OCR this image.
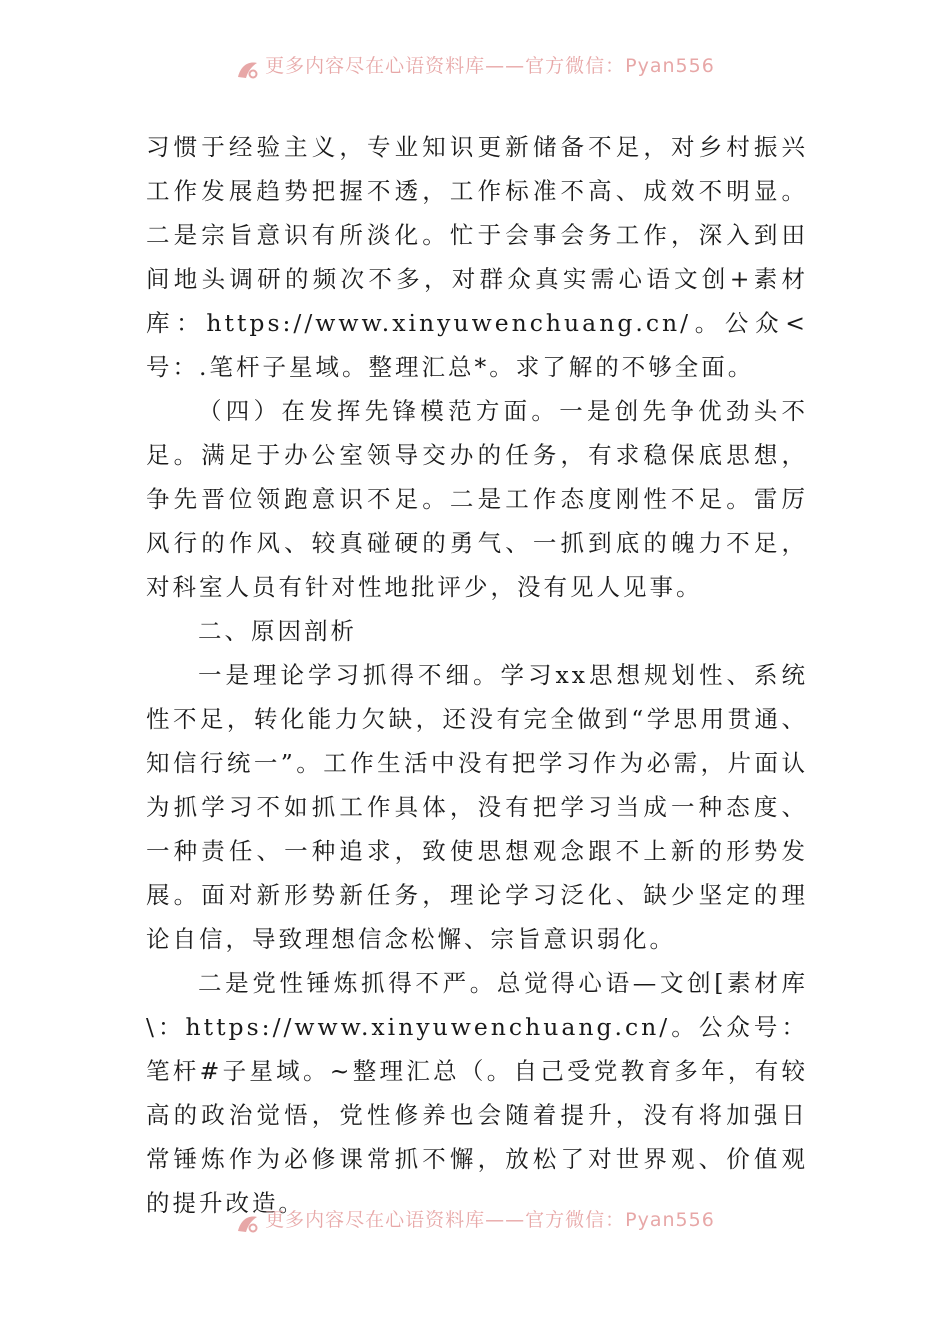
更多内容尽在心语资料库——官方微信：Pyan556

习惯于经验主义，专业知识更新储备不足，对乡村振兴工作发展趋势把握不透，工作标准不高、成效不明显。二是宗旨意识有所淡化。忙于会事会务工作，深入到田间地头调研的频次不多，对群众真实需心语文创+素材库：https://www.xinyuwenchuang.cn/。公众<号：.笔杆子星域。整理汇总*。求了解的不够全面。

（四）在发挥先锋模范方面。一是创先争优劲头不足。满足于办公室领导交办的任务，有求稳保底思想，争先晋位领跑意识不足。二是工作态度刚性不足。雷厉风行的作风、较真碰硬的勇气、一抓到底的魄力不足，对科室人员有针对性地批评少，没有见人见事。

二、原因剖析

一是理论学习抓得不细。学习xx思想规划性、系统性不足，转化能力欠缺，还没有完全做到“学思用贯通、知信行统一”。工作生活中没有把学习作为必需，片面认为抓学习不如抓工作具体，没有把学习当成一种态度、一种责任、一种追求，致使思想观念跟不上新的形势发展。面对新形势新任务，理论学习泛化、缺少坚定的理论自信，导致理想信念松懈、宗旨意识弱化。

二是党性锤炼抓得不严。总觉得心语—文创[素材库\：https://www.xinyuwenchuang.cn/。公众号：笔杆#子星域。~整理汇总（。自己受党教育多年，有较高的政治觉悟，党性修养也会随着提升，没有将加强日常锤炼作为必修课常抓不懈，放松了对世界观、价值观的提升改造。

更多内容尽在心语资料库——官方微信：Pyan556
